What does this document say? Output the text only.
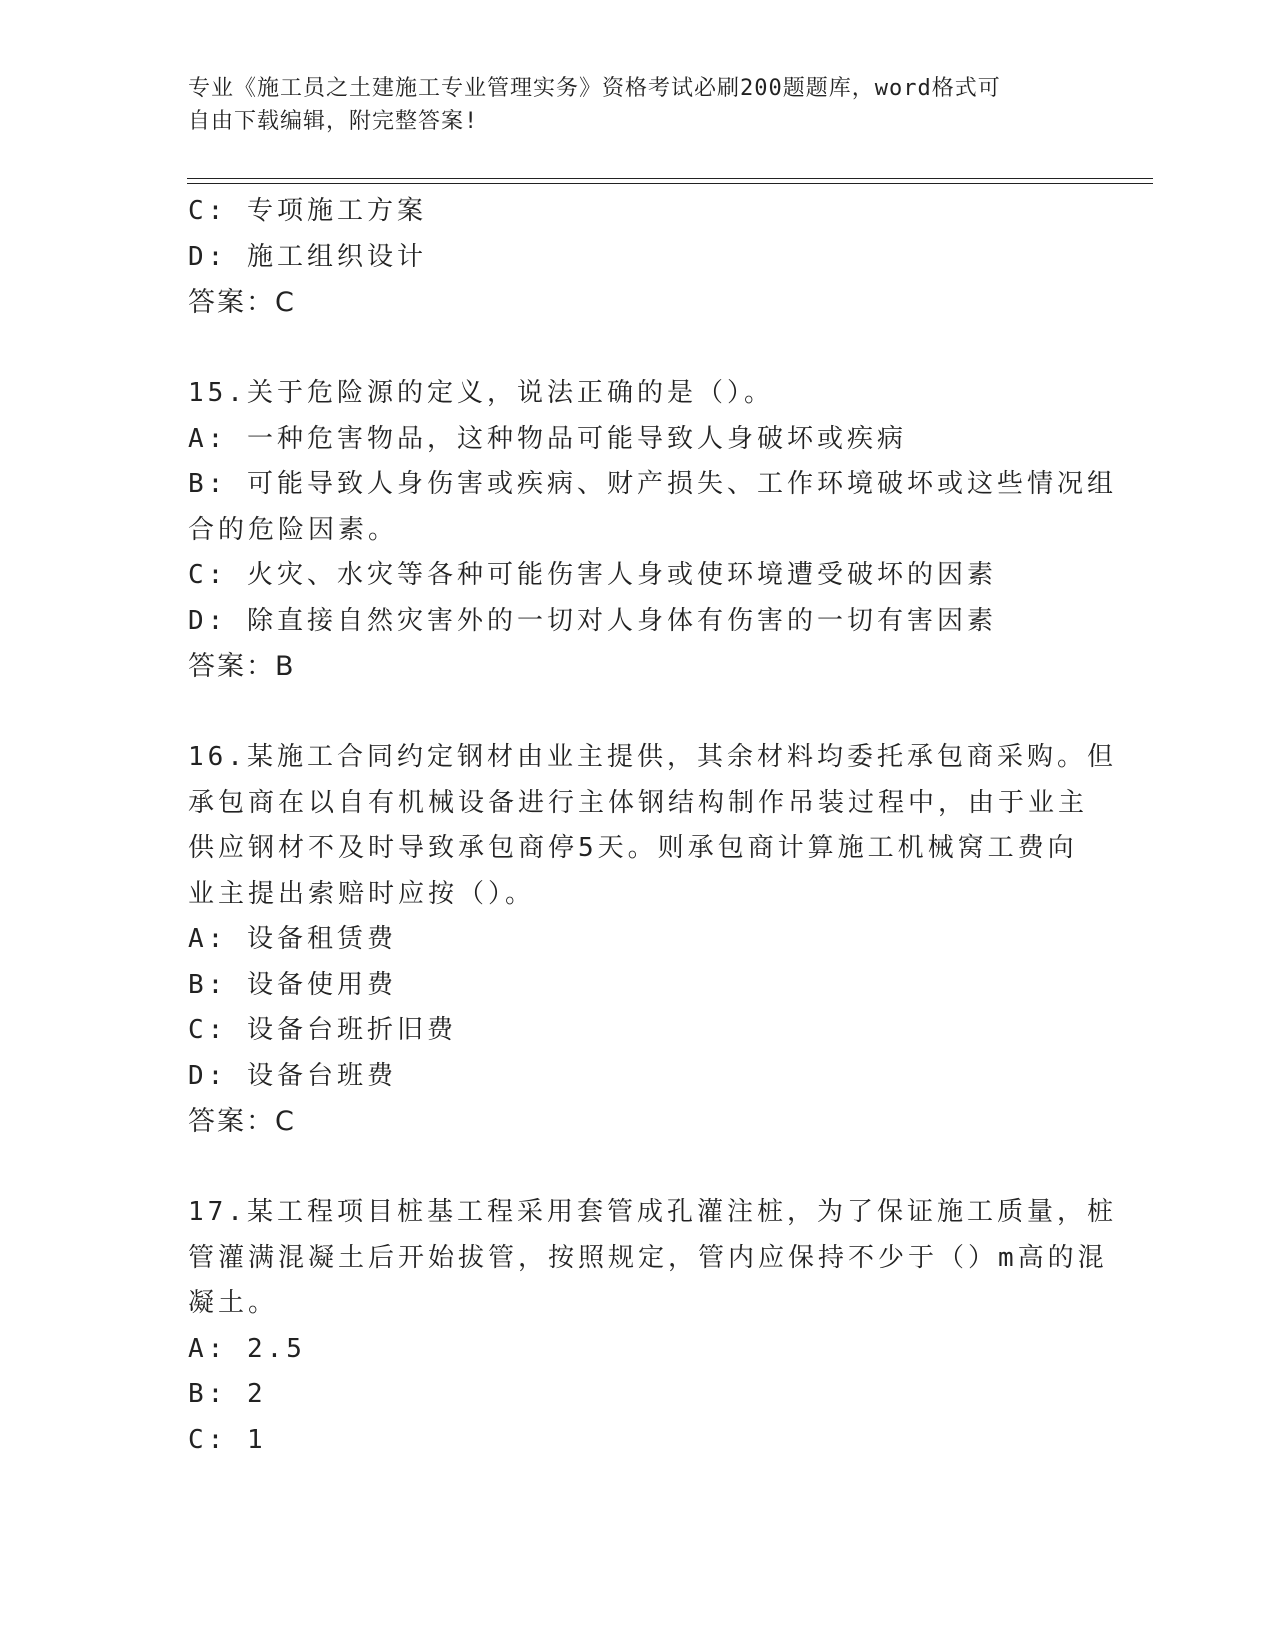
专业《施工员之土建施工专业管理实务》资格考试必刷200题题库，word格式可
自由下载编辑，附完整答案!
C: 专项施工方案
D: 施工组织设计
答案：C
15.关于危险源的定义，说法正确的是（）。
A: 一种危害物品，这种物品可能导致人身破坏或疾病
B: 可能导致人身伤害或疾病、财产损失、工作环境破坏或这些情况组
合的危险因素。
C: 火灾、水灾等各种可能伤害人身或使环境遭受破坏的因素
D: 除直接自然灾害外的一切对人身体有伤害的一切有害因素
答案：B
16.某施工合同约定钢材由业主提供，其余材料均委托承包商采购。但
承包商在以自有机械设备进行主体钢结构制作吊装过程中，由于业主
供应钢材不及时导致承包商停5天。则承包商计算施工机械窝工费向
业主提出索赔时应按（）。
A: 设备租赁费
B: 设备使用费
C: 设备台班折旧费
D: 设备台班费
答案：C
17.某工程项目桩基工程采用套管成孔灌注桩，为了保证施工质量，桩
管灌满混凝土后开始拔管，按照规定，管内应保持不少于（）m高的混
凝土。
A: 2.5
B: 2
C: 1
